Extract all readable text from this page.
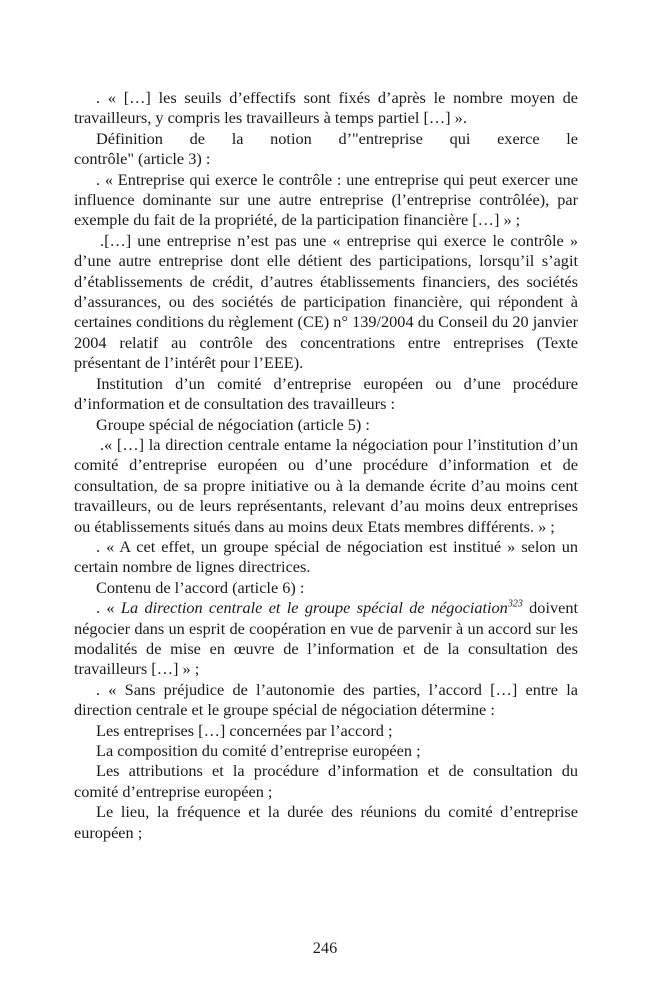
. « […] les seuils d’effectifs sont fixés d’après le nombre moyen de travailleurs, y compris les travailleurs à temps partiel […] ».

Définition de la notion d’"entreprise qui exerce le

contrôle" (article 3) :

. « Entreprise qui exerce le contrôle : une entreprise qui peut exercer une influence dominante sur une autre entreprise (l’entreprise contrôlée), par exemple du fait de la propriété, de la participation financière […] » ;

.[…] une entreprise n’est pas une « entreprise qui exerce le contrôle » d’une autre entreprise dont elle détient des participations, lorsqu’il s’agit d’établissements de crédit, d’autres établissements financiers, des sociétés d’assurances, ou des sociétés de participation financière, qui répondent à certaines conditions du règlement (CE) n° 139/2004 du Conseil du 20 janvier 2004 relatif au contrôle des concentrations entre entreprises (Texte présentant de l’intérêt pour l’EEE).

Institution d’un comité d’entreprise européen ou d’une procédure d’information et de consultation des travailleurs :

Groupe spécial de négociation (article 5) :

.« […] la direction centrale entame la négociation pour l’institution d’un comité d’entreprise européen ou d’une procédure d’information et de consultation, de sa propre initiative ou à la demande écrite d’au moins cent travailleurs, ou de leurs représentants, relevant d’au moins deux entreprises ou établissements situés dans au moins deux Etats membres différents. » ;

. « A cet effet, un groupe spécial de négociation est institué » selon un certain nombre de lignes directrices.

Contenu de l’accord (article 6) :

. « La direction centrale et le groupe spécial de négociation$^{323}$ doivent négocier dans un esprit de coopération en vue de parvenir à un accord sur les modalités de mise en œuvre de l’information et de la consultation des travailleurs […] » ;

. « Sans préjudice de l’autonomie des parties, l’accord […] entre la direction centrale et le groupe spécial de négociation détermine :

Les entreprises […] concernées par l’accord ;

La composition du comité d’entreprise européen ;

Les attributions et la procédure d’information et de consultation du comité d’entreprise européen ;

Le lieu, la fréquence et la durée des réunions du comité d’entreprise européen ;

246
